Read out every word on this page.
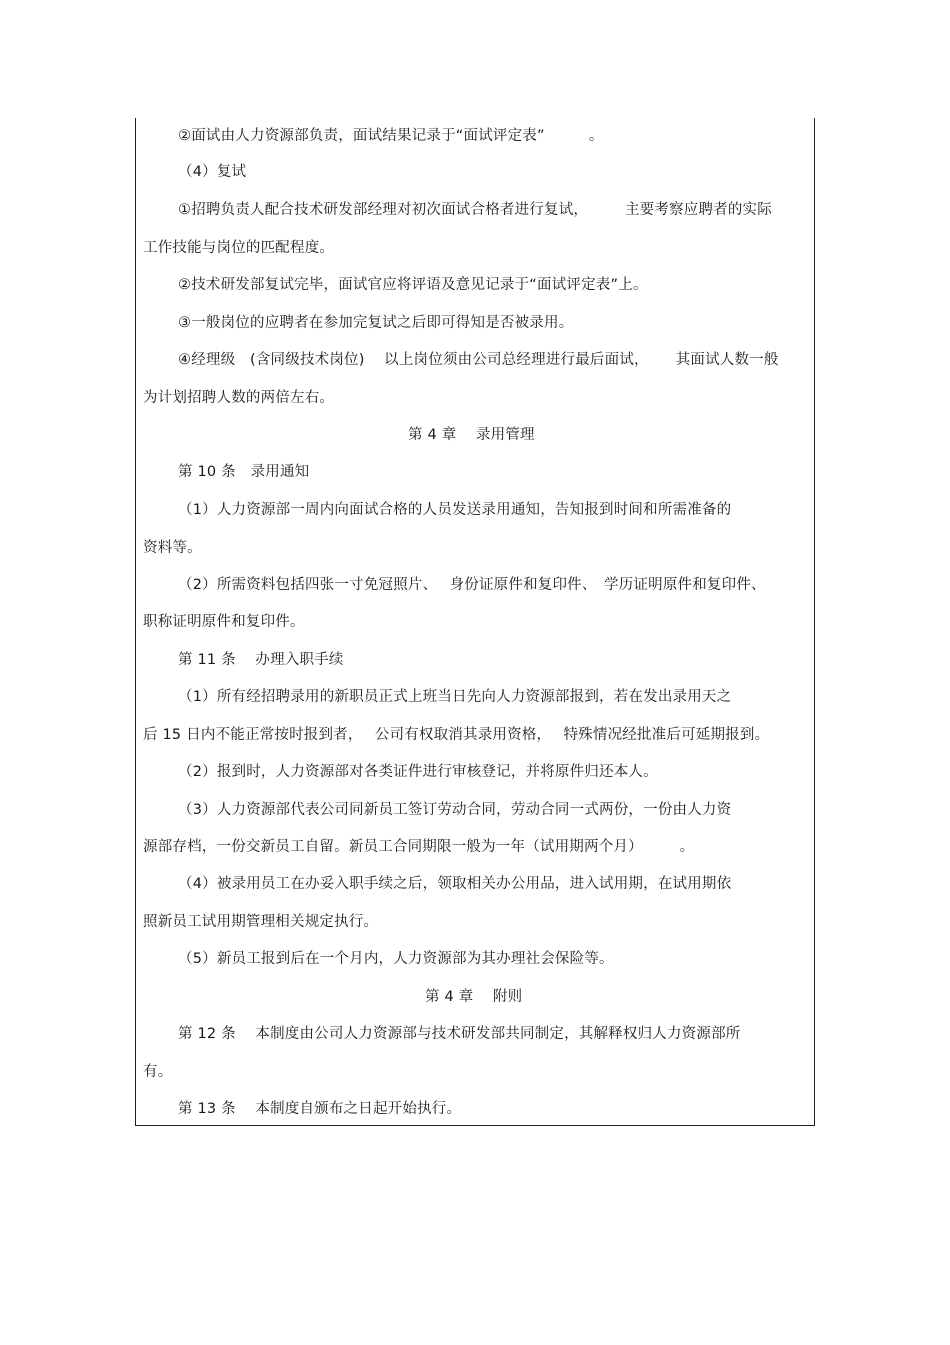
②面试由人力资源部负责，面试结果记录于“面试评定表”　　　。
（4）复试
①招聘负责人配合技术研发部经理对初次面试合格者进行复试，　　　主要考察应聘者的实际
工作技能与岗位的匹配程度。
②技术研发部复试完毕，面试官应将评语及意见记录于“面试评定表”上。
③一般岗位的应聘者在参加完复试之后即可得知是否被录用。
④经理级　(含同级技术岗位)　 以上岗位须由公司总经理进行最后面试，　　 其面试人数一般
为计划招聘人数的两倍左右。
第 4 章　 录用管理
第 10 条　录用通知
（1）人力资源部一周内向面试合格的人员发送录用通知，告知报到时间和所需准备的
资料等。
（2）所需资料包括四张一寸免冠照片、　 身份证原件和复印件、　学历证明原件和复印件、
职称证明原件和复印件。
第 11 条　 办理入职手续
（1）所有经招聘录用的新职员正式上班当日先向人力资源部报到，若在发出录用天之
后 15 日内不能正常按时报到者，　 公司有权取消其录用资格，　 特殊情况经批准后可延期报到。
（2）报到时，人力资源部对各类证件进行审核登记，并将原件归还本人。
（3）人力资源部代表公司同新员工签订劳动合同，劳动合同一式两份，一份由人力资
源部存档，一份交新员工自留。新员工合同期限一般为一年（试用期两个月）　　　。
（4）被录用员工在办妥入职手续之后，领取相关办公用品，进入试用期，在试用期依
照新员工试用期管理相关规定执行。
（5）新员工报到后在一个月内，人力资源部为其办理社会保险等。
第 4 章　 附则
第 12 条　 本制度由公司人力资源部与技术研发部共同制定，其解释权归人力资源部所
有。
第 13 条　 本制度自颁布之日起开始执行。
